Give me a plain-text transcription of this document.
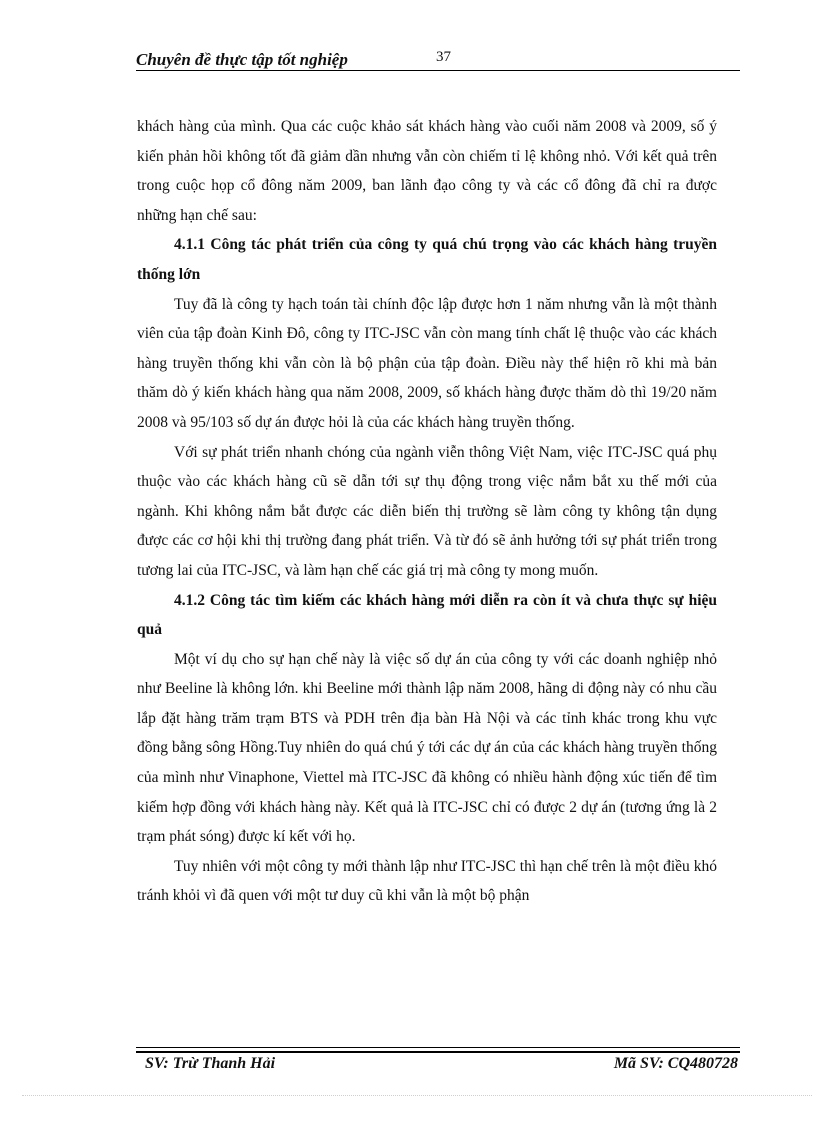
Chuyên đề thực tập tốt nghiệp	37

khách hàng của mình. Qua các cuộc khảo sát khách hàng vào cuối năm 2008 và 2009, số ý kiến phản hồi không tốt đã giảm dần nhưng vẫn còn chiếm tỉ lệ không nhỏ. Với kết quả trên trong cuộc họp cổ đông năm 2009, ban lãnh đạo công ty và các cổ đông đã chỉ ra được những hạn chế sau:

4.1.1 Công tác phát triển của công ty quá chú trọng vào các khách hàng truyền thống lớn

Tuy đã là công ty hạch toán tài chính độc lập được hơn 1 năm nhưng vẫn là một thành viên của tập đoàn Kinh Đô, công ty ITC-JSC vẫn còn mang tính chất lệ thuộc vào các khách hàng truyền thống khi vẫn còn là bộ phận của tập đoàn. Điều này thể hiện rõ khi mà bản thăm dò ý kiến khách hàng qua năm 2008, 2009, số khách hàng được thăm dò thì 19/20 năm 2008 và 95/103 số dự án được hỏi là của các khách hàng truyền thống.

Với sự phát triển nhanh chóng của ngành viễn thông Việt Nam, việc ITC-JSC quá phụ thuộc vào các khách hàng cũ sẽ dẫn tới sự thụ động trong việc nắm bắt xu thế mới của ngành. Khi không nắm bắt được các diễn biến thị trường sẽ làm công ty không tận dụng được các cơ hội khi thị trường đang phát triển. Và từ đó sẽ ảnh hưởng tới sự phát triển trong tương lai của ITC-JSC, và làm hạn chế các giá trị mà công ty mong muốn.

4.1.2 Công tác tìm kiếm các khách hàng mới diễn ra còn ít và chưa thực sự hiệu quả

Một ví dụ cho sự hạn chế này là việc số dự án của công ty với các doanh nghiệp nhỏ như Beeline là không lớn. khi Beeline mới thành lập năm 2008, hãng di động này có nhu cầu lắp đặt hàng trăm trạm BTS và PDH trên địa bàn Hà Nội và các tỉnh khác trong khu vực đồng bằng sông Hồng.Tuy nhiên do quá chú ý tới các dự án của các khách hàng truyền thống của mình như Vinaphone, Viettel mà ITC-JSC đã không có nhiều hành động xúc tiến để tìm kiếm hợp đồng với khách hàng này. Kết quả là ITC-JSC chỉ có được 2 dự án (tương ứng là 2 trạm phát sóng) được kí kết với họ.

Tuy nhiên với một công ty mới thành lập như ITC-JSC thì hạn chế trên là một điều khó tránh khỏi vì đã quen với một tư duy cũ khi vẫn là một bộ phận

SV: Trừ Thanh Hải	Mã SV: CQ480728
